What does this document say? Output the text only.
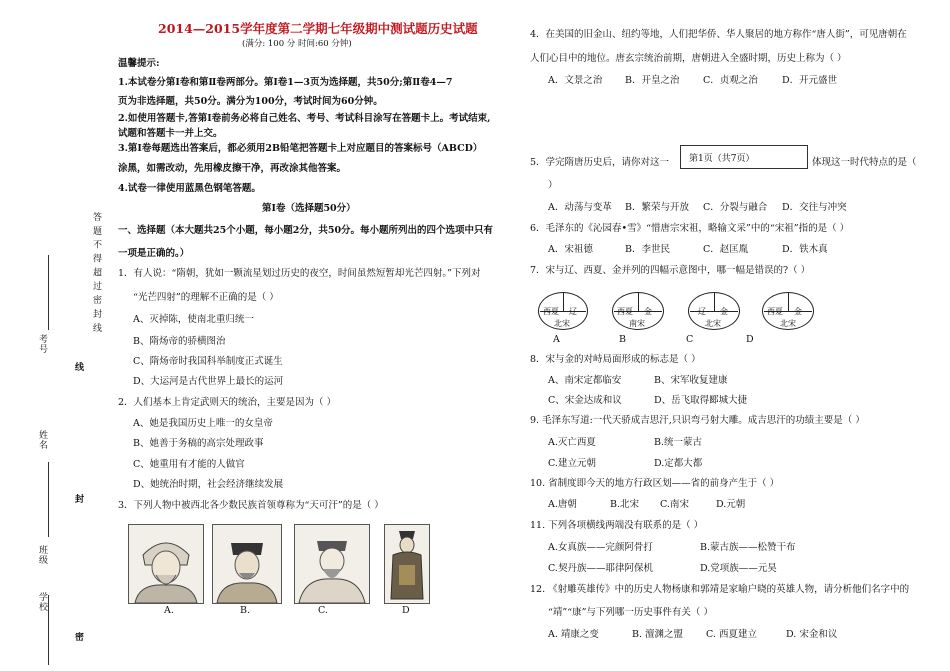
答 题 不 得 超 过 密 封 线
线
封
密
考号
姓名
班级
学校
2014—2015学年度第二学期七年级期中测试题历史试题
(满分: 100 分 时间:60 分钟)
温馨提示:
1.本试卷分第Ⅰ卷和第Ⅱ卷两部分。第Ⅰ卷1—3页为选择题，共50分;第Ⅱ卷4—7
页为非选择题，共50分。满分为100分，考试时间为60分钟。
2.如使用答题卡,答第Ⅰ卷前务必将自己姓名、考号、考试科目涂写在答题卡上。考试结束,
试题和答题卡一并上交。
3.第Ⅰ卷每题选出答案后，都必须用2B铅笔把答题卡上对应题目的答案标号（ABCD）
涂黑，如需改动，先用橡皮擦干净，再改涂其他答案。
4.试卷一律使用蓝黑色钢笔答题。
第Ⅰ卷（选择题50分）
一、选择题（本大题共25个小题，每小题2分，共50分。每小题所列出的四个选项中只有
一项是正确的。）
1．有人说：“隋朝，犹如一颗流星划过历史的夜空，时间虽然短暂却光芒四射。”下列对
“光芒四射”的理解不正确的是（ ）
A、灭掉陈，使南北重归统一
B、隋炀帝的骄横图治
C、隋炀帝时我国科举制度正式诞生
D、大运河是古代世界上最长的运河
2．人们基本上肯定武则天的统治，主要是因为（ ）
A、她是我国历史上唯一的女皇帝
B、她善于务稿的高宗处理政事
C、她重用有才能的人做官
D、她统治时期，社会经济继续发展
3．下列人物中被西北各少数民族首领尊称为“天可汗”的是（ ）
A.	B.	C.	D
4．在美国的旧金山、纽约等地，人们把华侨、华人聚居的地方称作“唐人街”，可见唐朝在
人们心目中的地位。唐玄宗统治前期，唐朝进入全盛时期，历史上称为（ ）
A．文景之治 B．开皇之治 C．贞观之治	D．开元盛世
5．学完隋唐历史后，请你对这一	第1页（共7页）	体现这一时代特点的是（
）
A．动荡与变革 B．繁荣与开放 C．分裂与融合 D．交往与冲突
6．毛泽东的《沁园春•雪》“惜唐宗宋祖，略输文采”中的“宋祖”指的是（ ）
A．宋祖德	B．李世民	C．赵匡胤	D．铁木真
7．宋与辽、西夏、金并列的四幅示意图中，哪一幅是错误的?（ ）
西夏 辽
北宋
A
西夏 金
南宋
B
辽 金
北宋
C
西夏 金
北宋
D
8．宋与金的对峙局面形成的标志是（ ）
A、南宋定都临安	B、宋军收复建康
C、宋金达成和议	D、岳飞取得郾城大捷
9. 毛泽东写道:一代天骄成吉思汗,只识弯弓射大雕。成吉思汗的功绩主要是（ ）
A.灭亡西夏	B.统一蒙古
C.建立元朝	D.定都大都
10. 省制度即今天的地方行政区划——省的前身产生于（ ）
A.唐朝	B.北宋 C.南宋	D.元朝
11. 下列各项横线两端没有联系的是（ ）
A.女真族——完颜阿骨打	B.蒙古族——松赞干布
C.契丹族——耶律阿保机	D.党项族——元昊
12. 《射雕英雄传》中的历史人物杨康和郭靖是家喻户晓的英雄人物，请分析他们名字中的
“靖”“康”与下列哪一历史事件有关（ ）
A. 靖康之变	B. 澶渊之盟 C. 西夏建立	D. 宋金和议
